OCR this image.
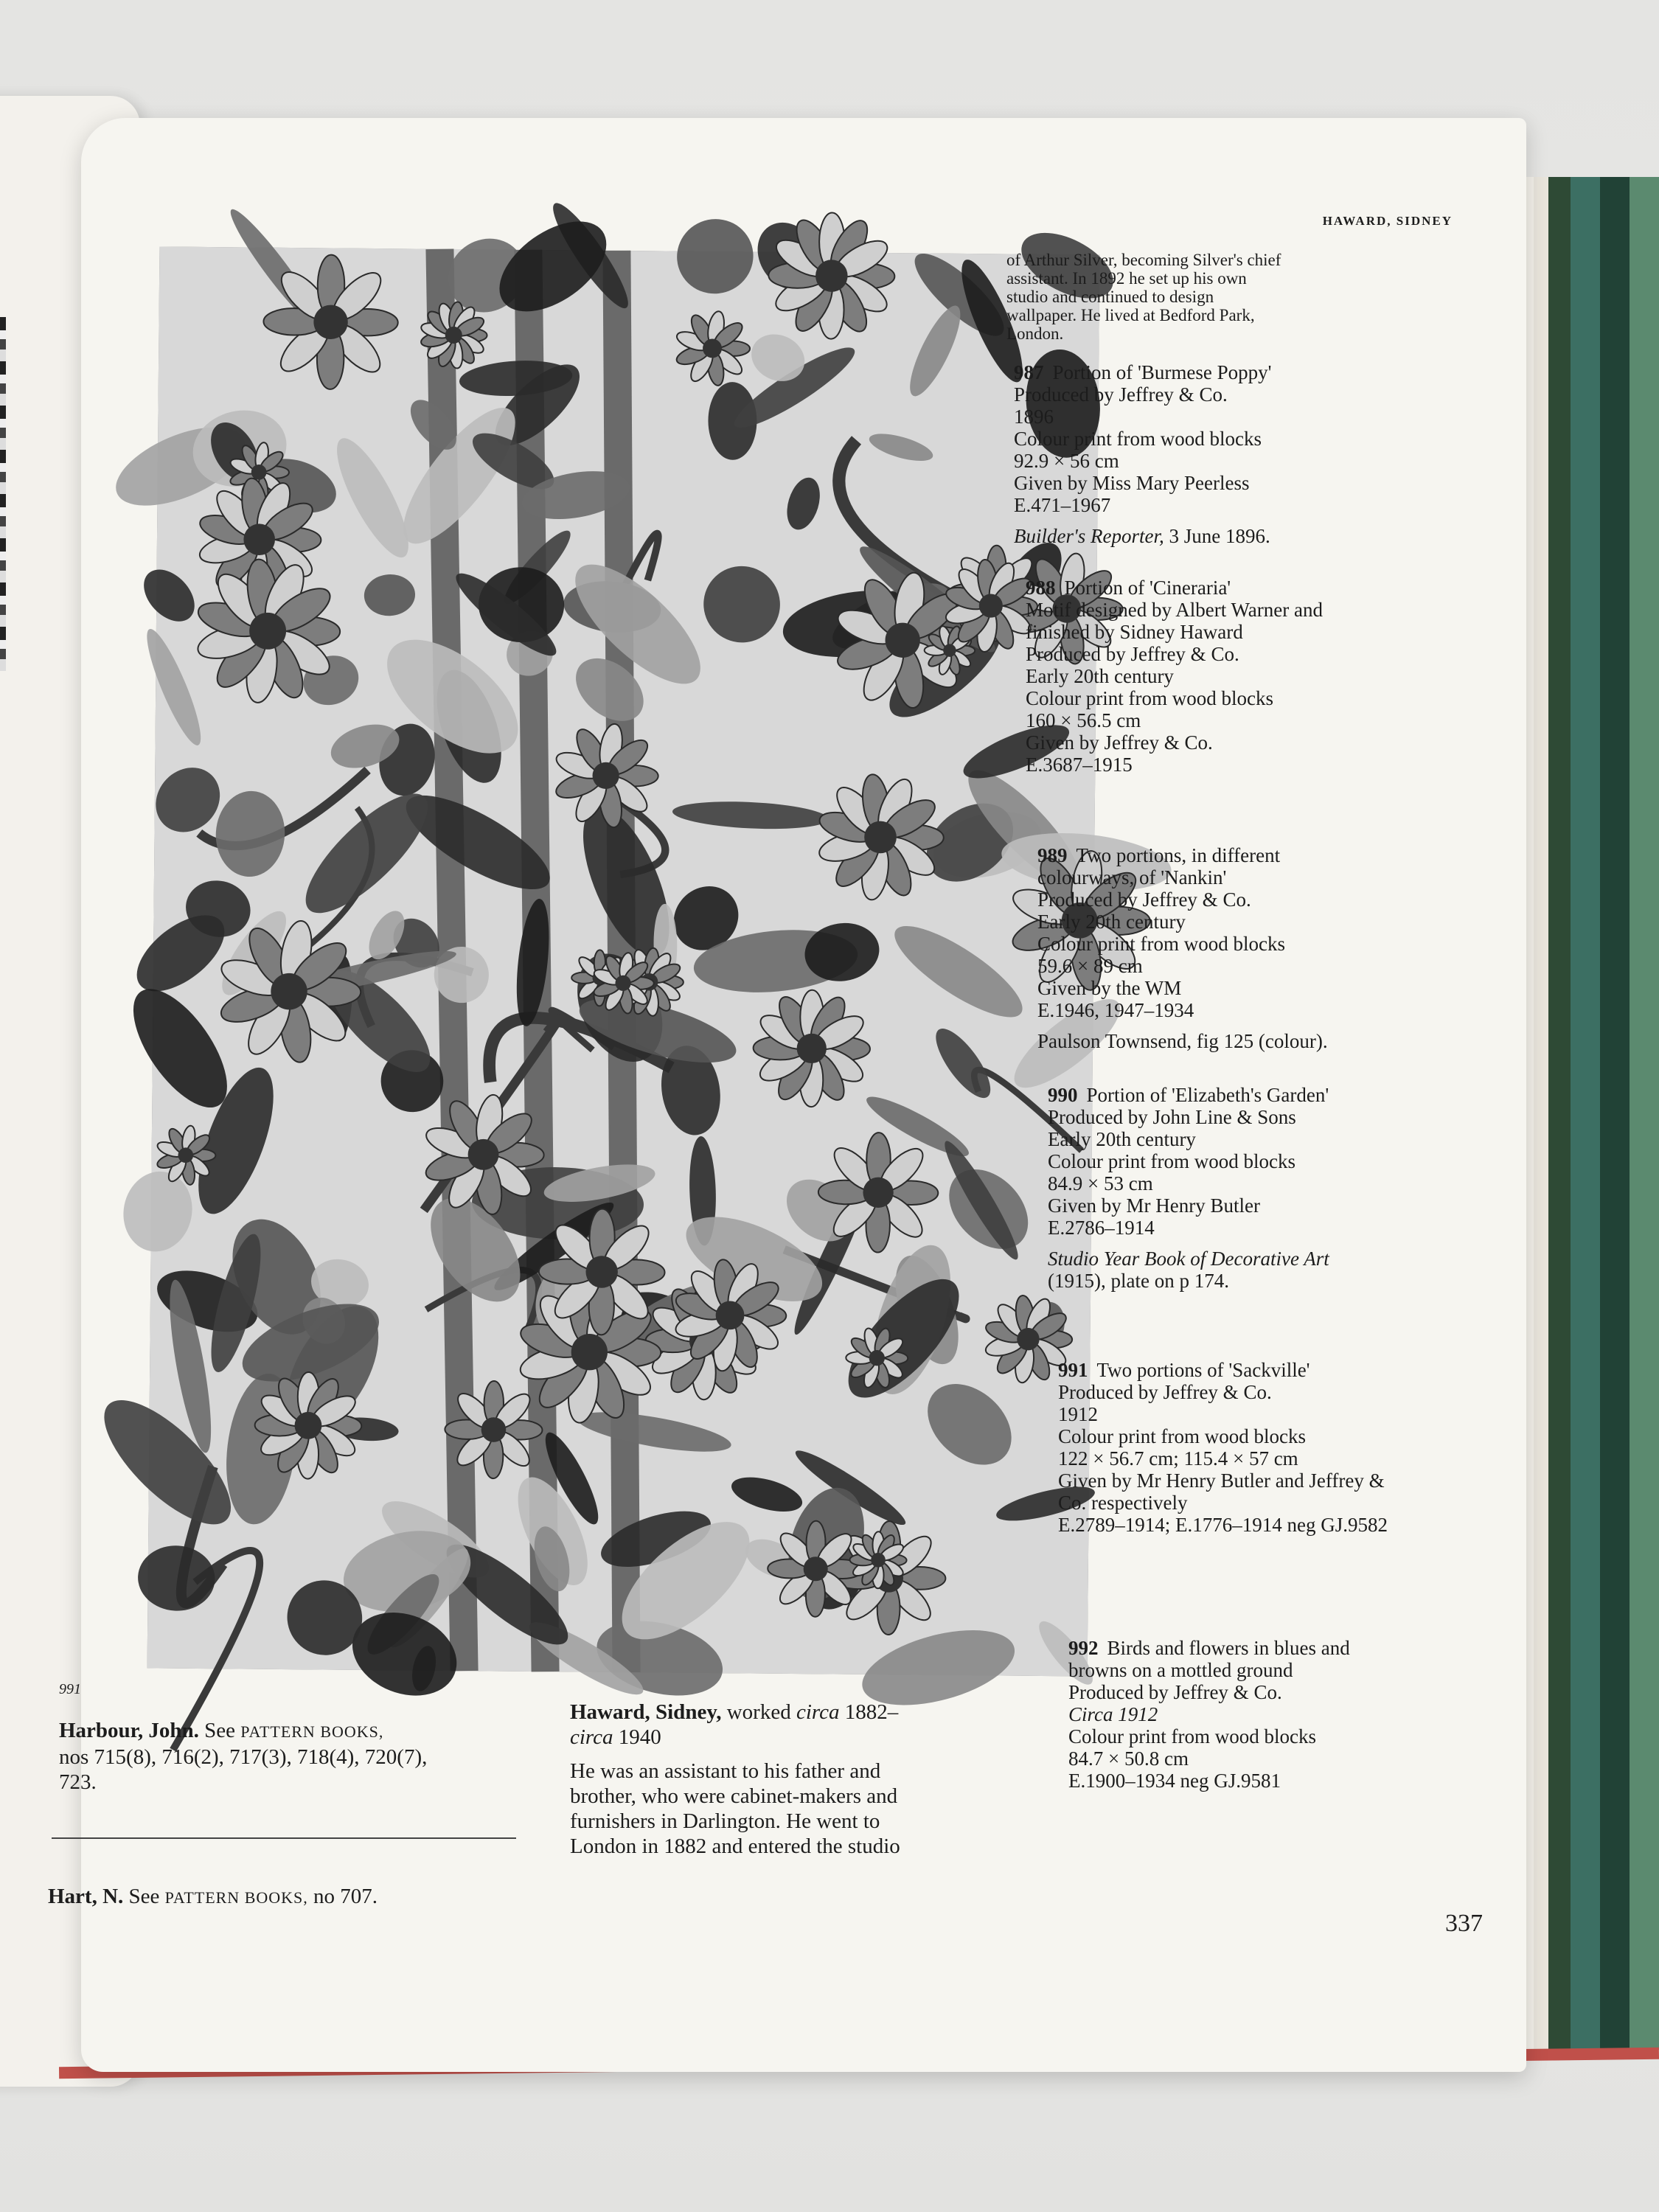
HAWARD, SIDNEY
991
of Arthur Silver, becoming Silver's chief
assistant. In 1892 he set up his own
studio and continued to design
wallpaper. He lived at Bedford Park,
London.
987 Portion of 'Burmese Poppy'
Produced by Jeffrey & Co.
1896
Colour print from wood blocks
92.9 × 56 cm
Given by Miss Mary Peerless
E.471–1967
Builder's Reporter, 3 June 1896.
988 Portion of 'Cineraria'
Motif designed by Albert Warner and
finished by Sidney Haward
Produced by Jeffrey & Co.
Early 20th century
Colour print from wood blocks
160 × 56.5 cm
Given by Jeffrey & Co.
E.3687–1915
989 Two portions, in different
colourways, of 'Nankin'
Produced by Jeffrey & Co.
Early 20th century
Colour print from wood blocks
59.6 × 89 cm
Given by the WM
E.1946, 1947–1934
Paulson Townsend, fig 125 (colour).
990 Portion of 'Elizabeth's Garden'
Produced by John Line & Sons
Early 20th century
Colour print from wood blocks
84.9 × 53 cm
Given by Mr Henry Butler
E.2786–1914
Studio Year Book of Decorative Art
(1915), plate on p 174.
991 Two portions of 'Sackville'
Produced by Jeffrey & Co.
1912
Colour print from wood blocks
122 × 56.7 cm; 115.4 × 57 cm
Given by Mr Henry Butler and Jeffrey &
Co. respectively
E.2789–1914; E.1776–1914 neg GJ.9582
992 Birds and flowers in blues and
browns on a mottled ground
Produced by Jeffrey & Co.
Circa 1912
Colour print from wood blocks
84.7 × 50.8 cm
E.1900–1934 neg GJ.9581
Harbour, John. See PATTERN BOOKS,
nos 715(8), 716(2), 717(3), 718(4), 720(7),
723.
Hart, N. See PATTERN BOOKS, no 707.
Haward, Sidney, worked circa 1882–
circa 1940
He was an assistant to his father and
brother, who were cabinet-makers and
furnishers in Darlington. He went to
London in 1882 and entered the studio
337
